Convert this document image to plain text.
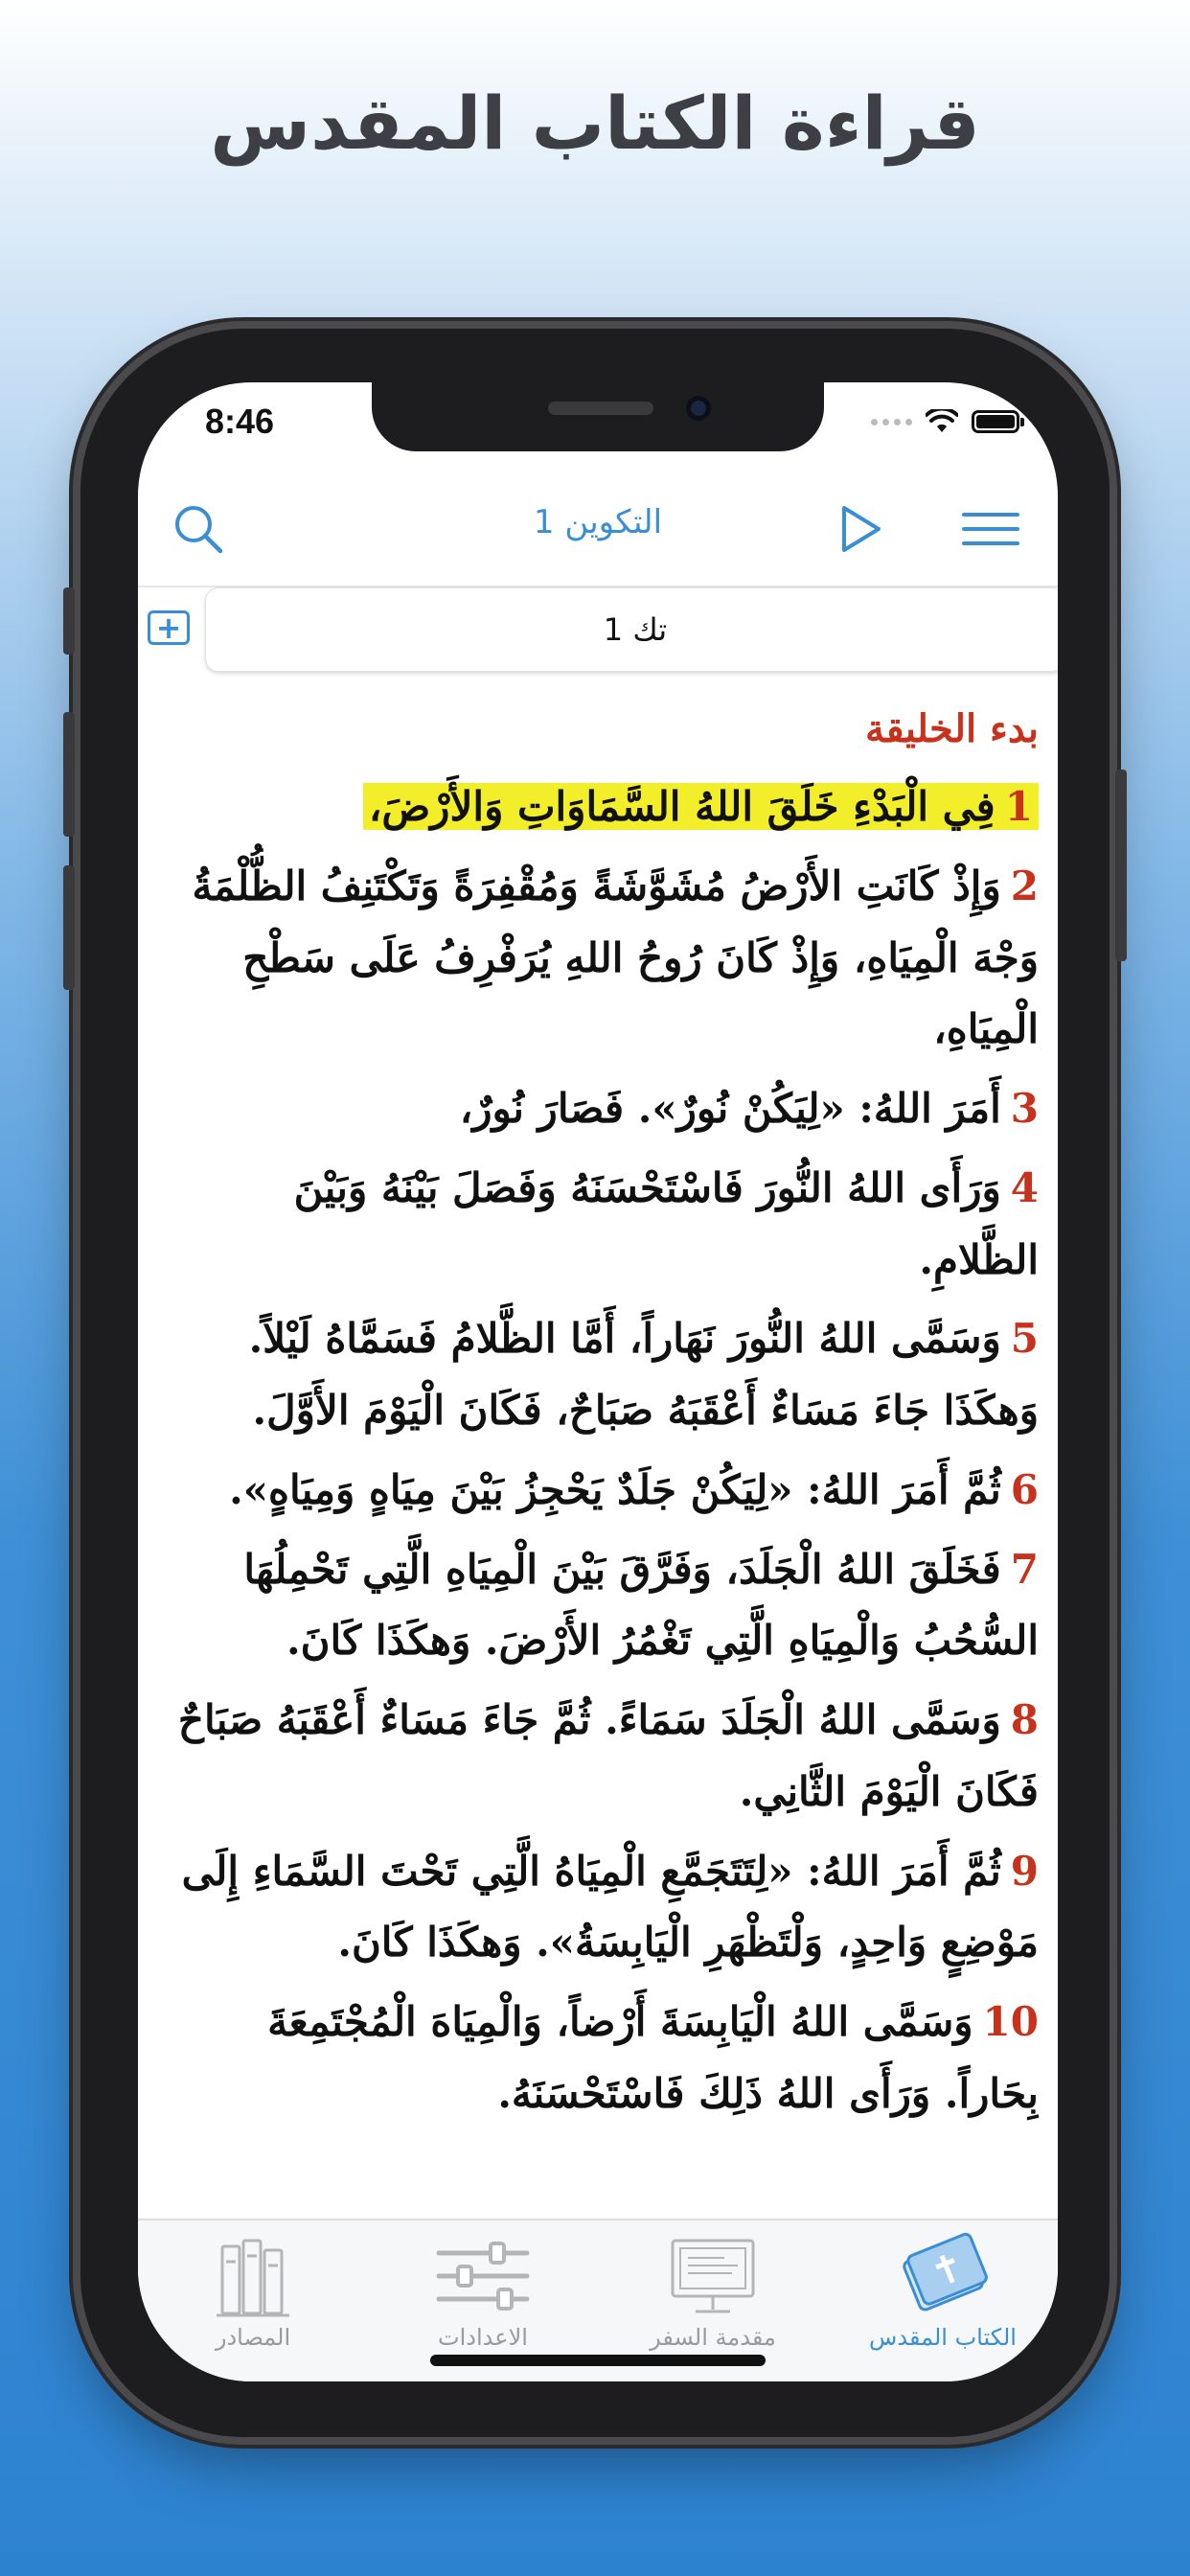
قراءة الكتاب المقدس
8:46
التكوين 1
+	تك 1
بدء الخليقة
1فِي الْبَدْءِ خَلَقَ اللهُ السَّمَاوَاتِ وَالأَرْضَ،
2وَإِذْ كَانَتِ الأَرْضُ مُشَوَّشَةً وَمُقْفِرَةً وَتَكْتَنِفُ الظُّلْمَةُ وَجْهَ الْمِيَاهِ، وَإِذْ كَانَ رُوحُ اللهِ يُرَفْرِفُ عَلَى سَطْحِ الْمِيَاهِ،
3أَمَرَ اللهُ: «لِيَكُنْ نُورٌ». فَصَارَ نُورٌ،
4وَرَأَى اللهُ النُّورَ فَاسْتَحْسَنَهُ وَفَصَلَ بَيْنَهُ وَبَيْنَ الظَّلامِ.
5وَسَمَّى اللهُ النُّورَ نَهَاراً، أَمَّا الظَّلامُ فَسَمَّاهُ لَيْلاً. وَهكَذَا جَاءَ مَسَاءٌ أَعْقَبَهُ صَبَاحٌ، فَكَانَ الْيَوْمَ الأَوَّلَ.
6ثُمَّ أَمَرَ اللهُ: «لِيَكُنْ جَلَدٌ يَحْجِزُ بَيْنَ مِيَاهٍ وَمِيَاهٍ».
7فَخَلَقَ اللهُ الْجَلَدَ، وَفَرَّقَ بَيْنَ الْمِيَاهِ الَّتِي تَحْمِلُهَا السُّحُبُ وَالْمِيَاهِ الَّتِي تَغْمُرُ الأَرْضَ. وَهكَذَا كَانَ.
8وَسَمَّى اللهُ الْجَلَدَ سَمَاءً. ثُمَّ جَاءَ مَسَاءٌ أَعْقَبَهُ صَبَاحٌ فَكَانَ الْيَوْمَ الثَّانِي.
9ثُمَّ أَمَرَ اللهُ: «لِتَتَجَمَّعِ الْمِيَاهُ الَّتِي تَحْتَ السَّمَاءِ إِلَى مَوْضِعٍ وَاحِدٍ، وَلْتَظْهَرِ الْيَابِسَةُ». وَهكَذَا كَانَ.
10وَسَمَّى اللهُ الْيَابِسَةَ أَرْضاً، وَالْمِيَاهَ الْمُجْتَمِعَةَ بِحَاراً. وَرَأَى اللهُ ذَلِكَ فَاسْتَحْسَنَهُ.
الكتاب المقدس
مقدمة السفر
الاعدادات
المصادر
